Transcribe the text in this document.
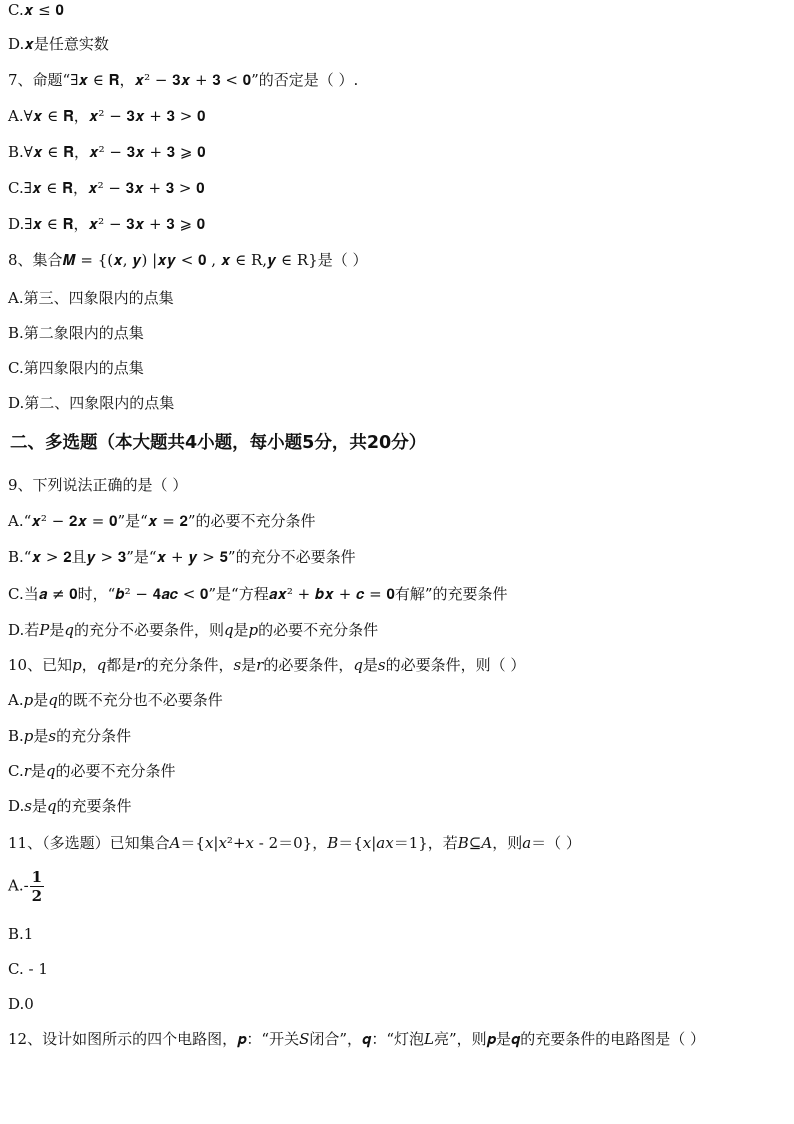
C.𝒙 ≤ 𝟎
D.𝒙是任意实数
7、命题“∃𝒙 ∈ 𝐑，𝒙² − 𝟑𝒙 + 𝟑 < 𝟎”的否定是（ ）.
A.∀𝒙 ∈ 𝐑，𝒙² − 𝟑𝒙 + 𝟑 > 𝟎
B.∀𝒙 ∈ 𝐑，𝒙² − 𝟑𝒙 + 𝟑 ⩾ 𝟎
C.∃𝒙 ∈ 𝐑，𝒙² − 𝟑𝒙 + 𝟑 > 𝟎
D.∃𝒙 ∈ 𝐑，𝒙² − 𝟑𝒙 + 𝟑 ⩾ 𝟎
8、集合𝑴 = {(𝒙, 𝒚) |𝒙𝒚 < 𝟎 , 𝒙 ∈ R,𝒚 ∈ R}是（ ）
A.第三、四象限内的点集
B.第二象限内的点集
C.第四象限内的点集
D.第二、四象限内的点集
二、多选题（本大题共4小题，每小题5分，共20分）
9、下列说法正确的是（ ）
A.“𝒙² − 𝟐𝒙 = 𝟎”是“𝒙 = 𝟐”的必要不充分条件
B.“𝒙 > 𝟐且𝒚 > 𝟑”是“𝒙 + 𝒚 > 𝟓”的充分不必要条件
C.当𝒂 ≠ 𝟎时，“𝒃² − 𝟒𝒂𝒄 < 𝟎”是“方程𝒂𝒙² + 𝒃𝒙 + 𝒄 = 𝟎有解”的充要条件
D.若𝑃是𝑞的充分不必要条件，则𝑞是𝑝的必要不充分条件
10、已知𝑝，𝑞都是𝑟的充分条件，𝑠是𝑟的必要条件，𝑞是𝑠的必要条件，则（ ）
A.𝑝是𝑞的既不充分也不必要条件
B.𝑝是𝑠的充分条件
C.𝑟是𝑞的必要不充分条件
D.𝑠是𝑞的充要条件
11、（多选题）已知集合𝐴＝{𝑥|𝑥²+𝑥 - 2＝0}，𝐵＝{𝑥|𝑎𝑥＝1}，若𝐵⊆𝐴，则𝑎＝（ ）
$A.- \frac{1}{2}$
B.1
C. - 1
D.0
12、设计如图所示的四个电路图，𝒑：“开关𝑆闭合”，𝒒：“灯泡𝐿亮”，则𝒑是𝒒的充要条件的电路图是（ ）
